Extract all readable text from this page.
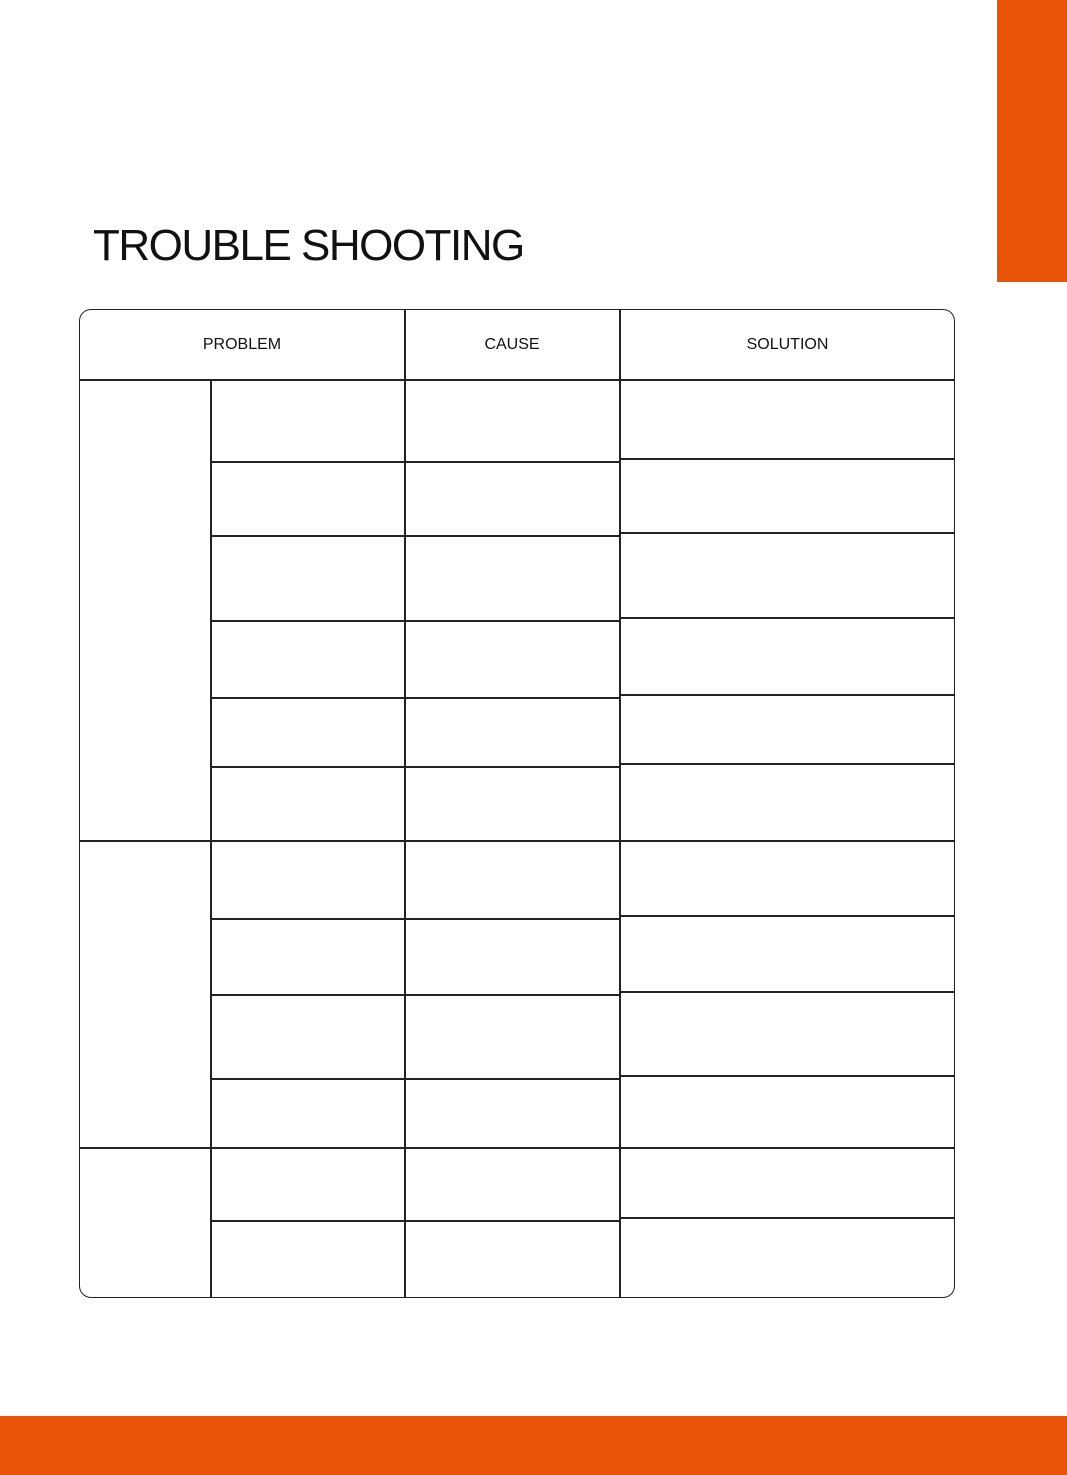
TROUBLE SHOOTING
PROBLEM	CAUSE	SOLUTION
